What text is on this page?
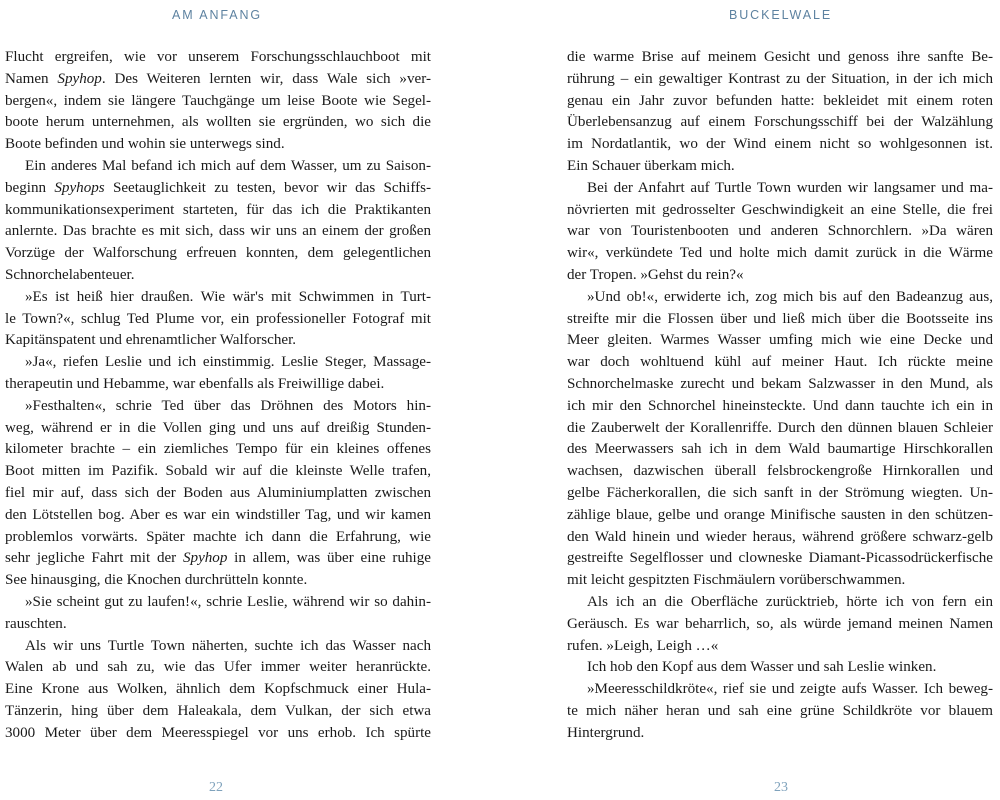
AM ANFANG
Flucht ergreifen, wie vor unserem Forschungsschlauchboot mit
Namen Spyhop. Des Weiteren lernten wir, dass Wale sich »ver-
bergen«, indem sie längere Tauchgänge um leise Boote wie Segel-
boote herum unternehmen, als wollten sie ergründen, wo sich die
Boote befinden und wohin sie unterwegs sind.
Ein anderes Mal befand ich mich auf dem Wasser, um zu Saison-
beginn Spyhops Seetauglichkeit zu testen, bevor wir das Schiffs-
kommunikationsexperiment starteten, für das ich die Praktikanten
anlernte. Das brachte es mit sich, dass wir uns an einem der großen
Vorzüge der Walforschung erfreuen konnten, dem gelegentlichen
Schnorchelabenteuer.
»Es ist heiß hier draußen. Wie wär's mit Schwimmen in Turt-
le Town?«, schlug Ted Plume vor, ein professioneller Fotograf mit
Kapitänspatent und ehrenamtlicher Walforscher.
»Ja«, riefen Leslie und ich einstimmig. Leslie Steger, Massage-
therapeutin und Hebamme, war ebenfalls als Freiwillige dabei.
»Festhalten«, schrie Ted über das Dröhnen des Motors hin-
weg, während er in die Vollen ging und uns auf dreißig Stunden-
kilometer brachte – ein ziemliches Tempo für ein kleines offenes
Boot mitten im Pazifik. Sobald wir auf die kleinste Welle trafen,
fiel mir auf, dass sich der Boden aus Aluminiumplatten zwischen
den Lötstellen bog. Aber es war ein windstiller Tag, und wir kamen
problemlos vorwärts. Später machte ich dann die Erfahrung, wie
sehr jegliche Fahrt mit der Spyhop in allem, was über eine ruhige
See hinausging, die Knochen durchrütteln konnte.
»Sie scheint gut zu laufen!«, schrie Leslie, während wir so dahin-
rauschten.
Als wir uns Turtle Town näherten, suchte ich das Wasser nach
Walen ab und sah zu, wie das Ufer immer weiter heranrückte.
Eine Krone aus Wolken, ähnlich dem Kopfschmuck einer Hula-
Tänzerin, hing über dem Haleakala, dem Vulkan, der sich etwa
3000 Meter über dem Meeresspiegel vor uns erhob. Ich spürte
22
BUCKELWALE
die warme Brise auf meinem Gesicht und genoss ihre sanfte Be-
rührung – ein gewaltiger Kontrast zu der Situation, in der ich mich
genau ein Jahr zuvor befunden hatte: bekleidet mit einem roten
Überlebensanzug auf einem Forschungsschiff bei der Walzählung
im Nordatlantik, wo der Wind einem nicht so wohlgesonnen ist.
Ein Schauer überkam mich.
Bei der Anfahrt auf Turtle Town wurden wir langsamer und ma-
növrierten mit gedrosselter Geschwindigkeit an eine Stelle, die frei
war von Touristenbooten und anderen Schnorchlern. »Da wären
wir«, verkündete Ted und holte mich damit zurück in die Wärme
der Tropen. »Gehst du rein?«
»Und ob!«, erwiderte ich, zog mich bis auf den Badeanzug aus,
streifte mir die Flossen über und ließ mich über die Bootsseite ins
Meer gleiten. Warmes Wasser umfing mich wie eine Decke und
war doch wohltuend kühl auf meiner Haut. Ich rückte meine
Schnorchelmaske zurecht und bekam Salzwasser in den Mund, als
ich mir den Schnorchel hineinsteckte. Und dann tauchte ich ein in
die Zauberwelt der Korallenriffe. Durch den dünnen blauen Schleier
des Meerwassers sah ich in dem Wald baumartige Hirschkorallen
wachsen, dazwischen überall felsbrockengroße Hirnkorallen und
gelbe Fächerkorallen, die sich sanft in der Strömung wiegten. Un-
zählige blaue, gelbe und orange Minifische sausten in den schützen-
den Wald hinein und wieder heraus, während größere schwarz-gelb
gestreifte Segelflosser und clowneske Diamant-Picassodrückerfische
mit leicht gespitzten Fischmäulern vorüberschwammen.
Als ich an die Oberfläche zurücktrieb, hörte ich von fern ein
Geräusch. Es war beharrlich, so, als würde jemand meinen Namen
rufen. »Leigh, Leigh …«
Ich hob den Kopf aus dem Wasser und sah Leslie winken.
»Meeresschildkröte«, rief sie und zeigte aufs Wasser. Ich beweg-
te mich näher heran und sah eine grüne Schildkröte vor blauem
Hintergrund.
23
